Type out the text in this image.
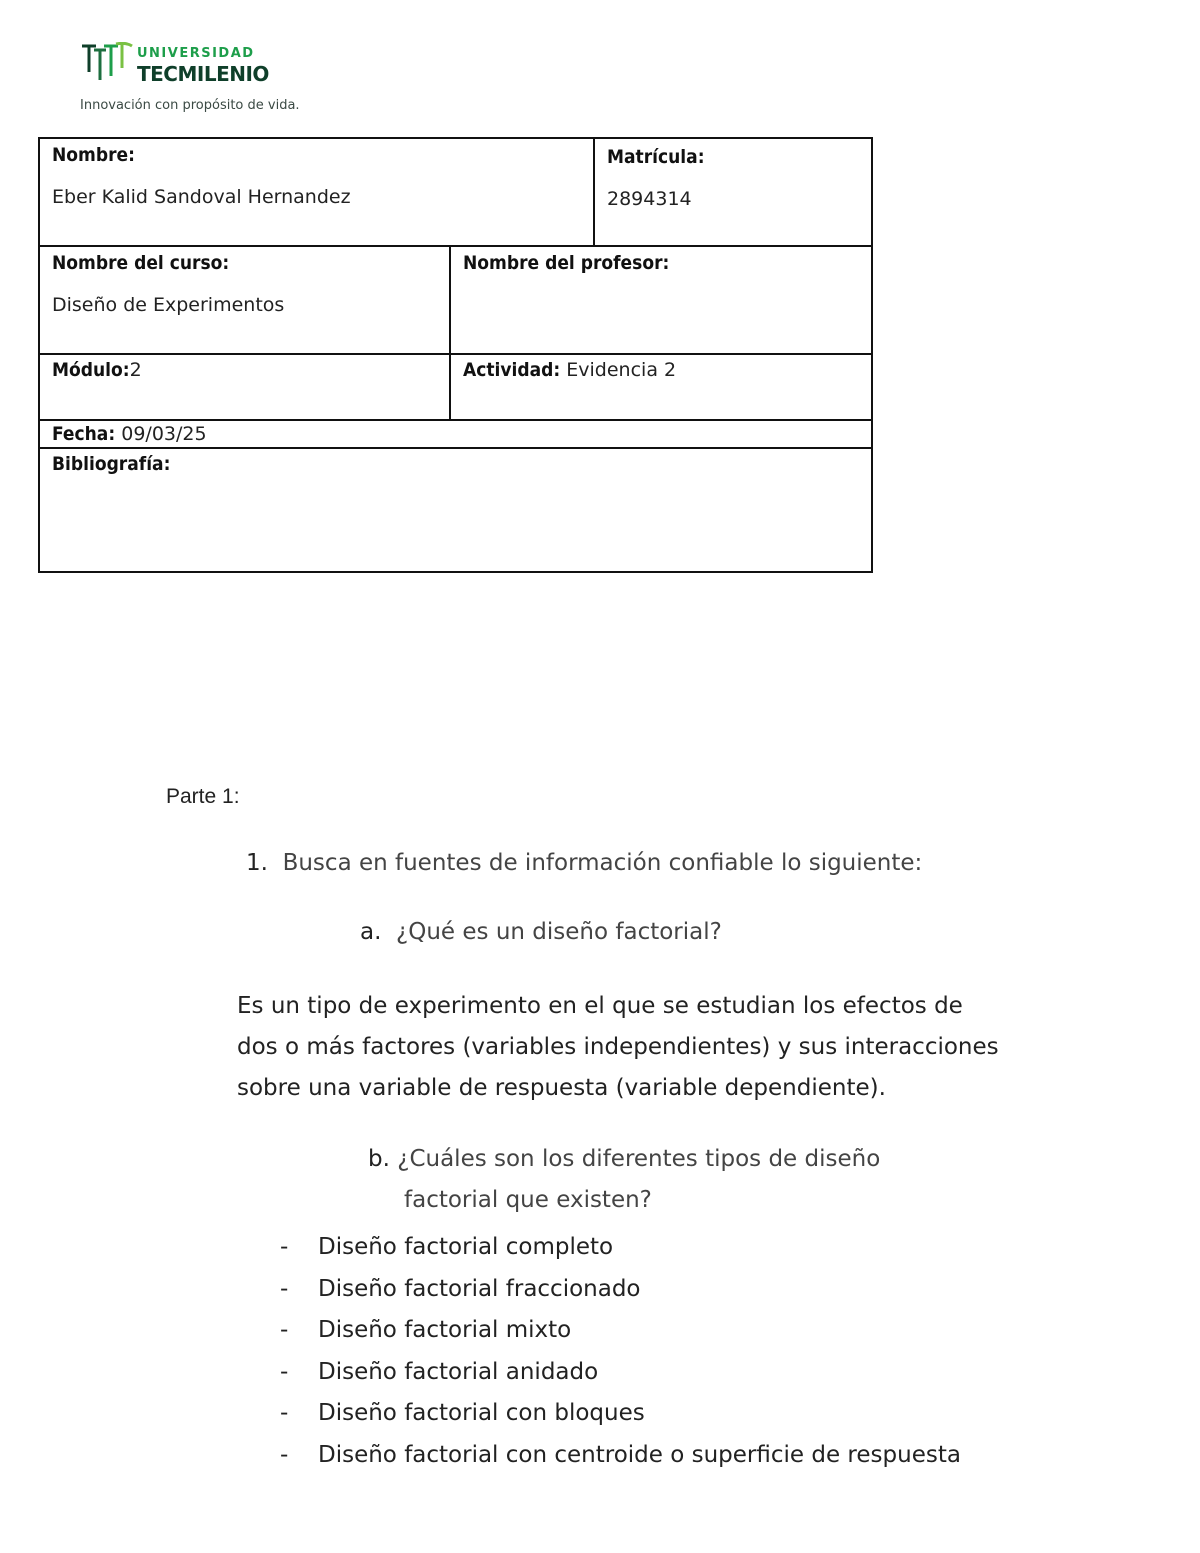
UNIVERSIDAD
TECMILENIO
Innovación con propósito de vida.
Nombre:
Eber Kalid Sandoval Hernandez
Matrícula:
2894314
Nombre del curso:
Diseño de Experimentos
Nombre del profesor:
Módulo:2	Actividad: Evidencia 2
Fecha: 09/03/25
Bibliografía:
Parte 1:
1. Busca en fuentes de información confiable lo siguiente:
a. ¿Qué es un diseño factorial?
Es un tipo de experimento en el que se estudian los efectos de
dos o más factores (variables independientes) y sus interacciones
sobre una variable de respuesta (variable dependiente).
b. ¿Cuáles son los diferentes tipos de diseño
factorial que existen?
-	Diseño factorial completo
-	Diseño factorial fraccionado
-	Diseño factorial mixto
-	Diseño factorial anidado
-	Diseño factorial con bloques
-	Diseño factorial con centroide o superficie de respuesta
